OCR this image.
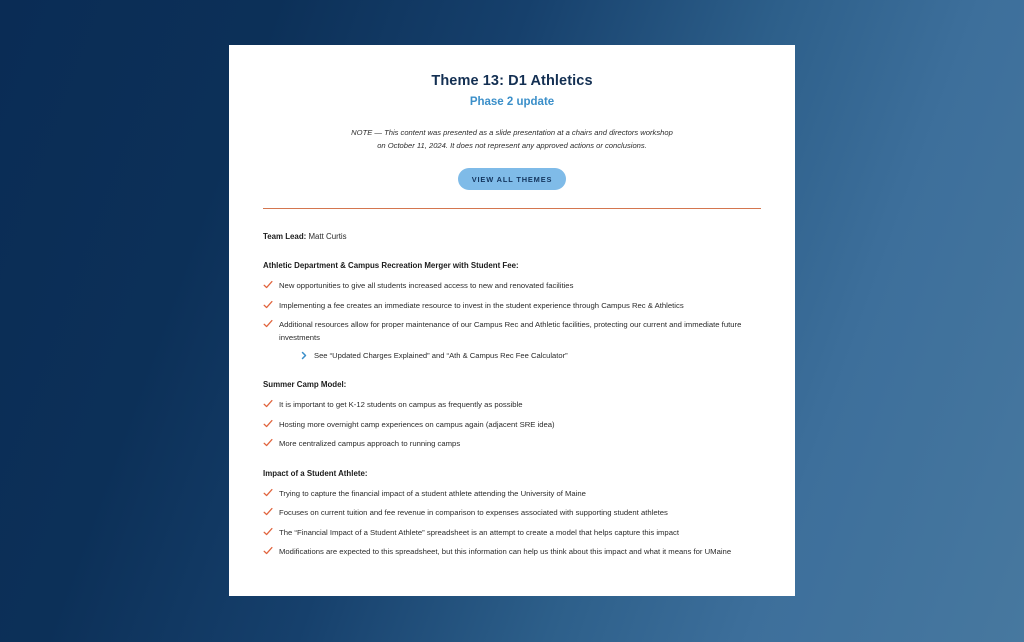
Theme 13: D1 Athletics
Phase 2 update

NOTE — This content was presented as a slide presentation at a chairs and directors workshop on October 11, 2024. It does not represent any approved actions or conclusions.

VIEW ALL THEMES

Team Lead: Matt Curtis

Athletic Department & Campus Recreation Merger with Student Fee:
New opportunities to give all students increased access to new and renovated facilities
Implementing a fee creates an immediate resource to invest in the student experience through Campus Rec & Athletics
Additional resources allow for proper maintenance of our Campus Rec and Athletic facilities, protecting our current and immediate future investments
See “Updated Charges Explained” and “Ath & Campus Rec Fee Calculator”
Summer Camp Model:
It is important to get K-12 students on campus as frequently as possible
Hosting more overnight camp experiences on campus again (adjacent SRE idea)
More centralized campus approach to running camps
Impact of a Student Athlete:
Trying to capture the financial impact of a student athlete attending the University of Maine
Focuses on current tuition and fee revenue in comparison to expenses associated with supporting student athletes
The “Financial Impact of a Student Athlete” spreadsheet is an attempt to create a model that helps capture this impact
Modifications are expected to this spreadsheet, but this information can help us think about this impact and what it means for UMaine
